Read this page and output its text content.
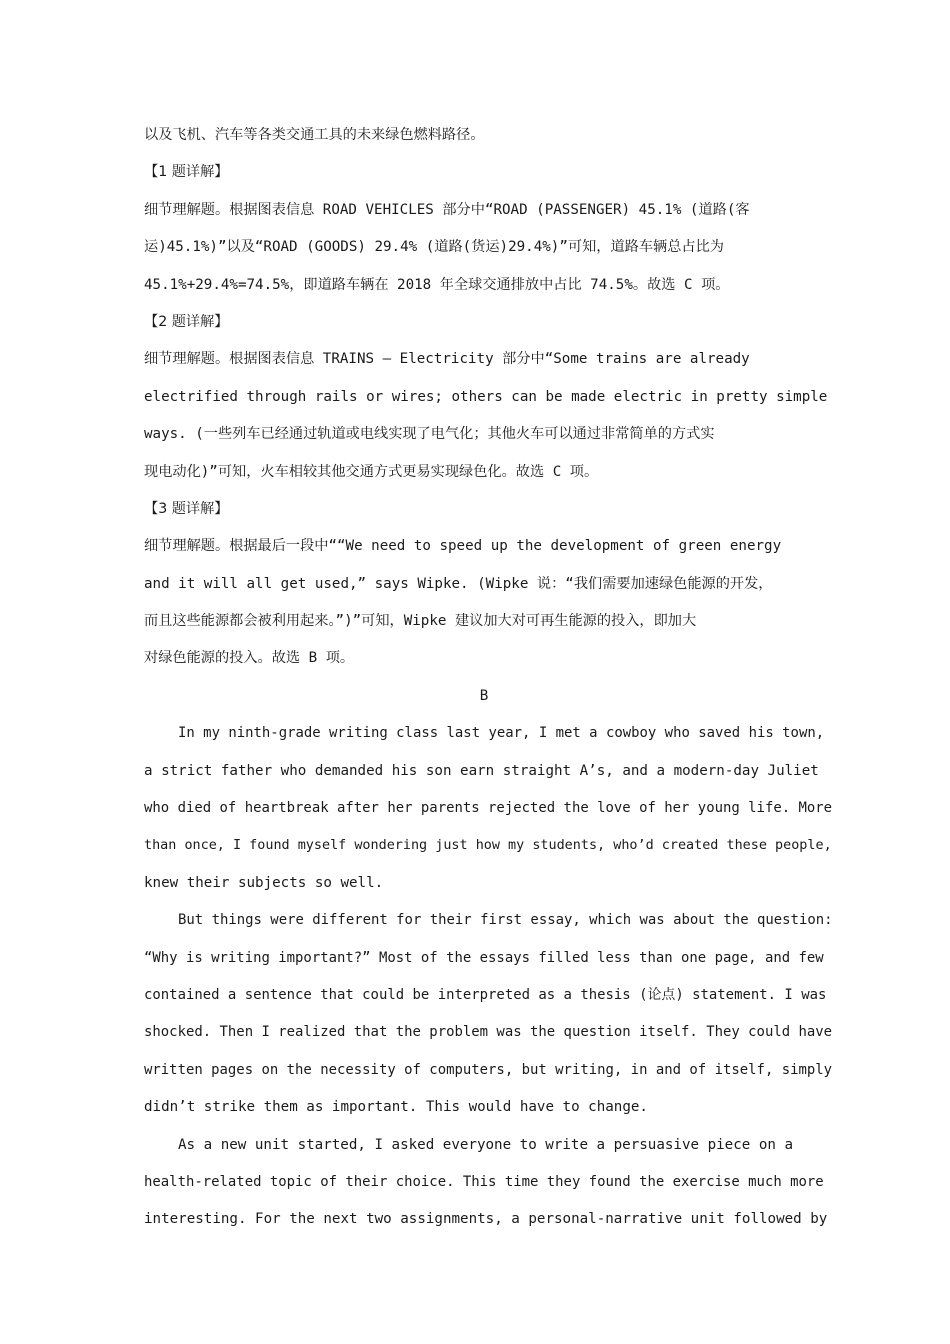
以及飞机、汽车等各类交通工具的未来绿色燃料路径。
【1 题详解】
细节理解题。根据图表信息 ROAD VEHICLES 部分中“ROAD (PASSENGER) 45.1% (道路(客
运)45.1%)”以及“ROAD (GOODS) 29.4% (道路(货运)29.4%)”可知，道路车辆总占比为
45.1%+29.4%=74.5%，即道路车辆在 2018 年全球交通排放中占比 74.5%。故选 C 项。
【2 题详解】
细节理解题。根据图表信息 TRAINS — Electricity 部分中“Some trains are already
electrified through rails or wires; others can be made electric in pretty simple
ways. (一些列车已经通过轨道或电线实现了电气化；其他火车可以通过非常简单的方式实
现电动化)”可知，火车相较其他交通方式更易实现绿色化。故选 C 项。
【3 题详解】
细节理解题。根据最后一段中““We need to speed up the development of green energy
and it will all get used,” says Wipke. (Wipke 说：“我们需要加速绿色能源的开发，
而且这些能源都会被利用起来。”)”可知，Wipke 建议加大对可再生能源的投入，即加大
对绿色能源的投入。故选 B 项。
B
In my ninth-grade writing class last year, I met a cowboy who saved his town,
a strict father who demanded his son earn straight A’s, and a modern-day Juliet
who died of heartbreak after her parents rejected the love of her young life. More
than once, I found myself wondering just how my students, who’d created these people,
knew their subjects so well.
But things were different for their first essay, which was about the question:
“Why is writing important?” Most of the essays filled less than one page, and few
contained a sentence that could be interpreted as a thesis (论点) statement. I was
shocked. Then I realized that the problem was the question itself. They could have
written pages on the necessity of computers, but writing, in and of itself, simply
didn’t strike them as important. This would have to change.
As a new unit started, I asked everyone to write a persuasive piece on a
health-related topic of their choice. This time they found the exercise much more
interesting. For the next two assignments, a personal-narrative unit followed by
